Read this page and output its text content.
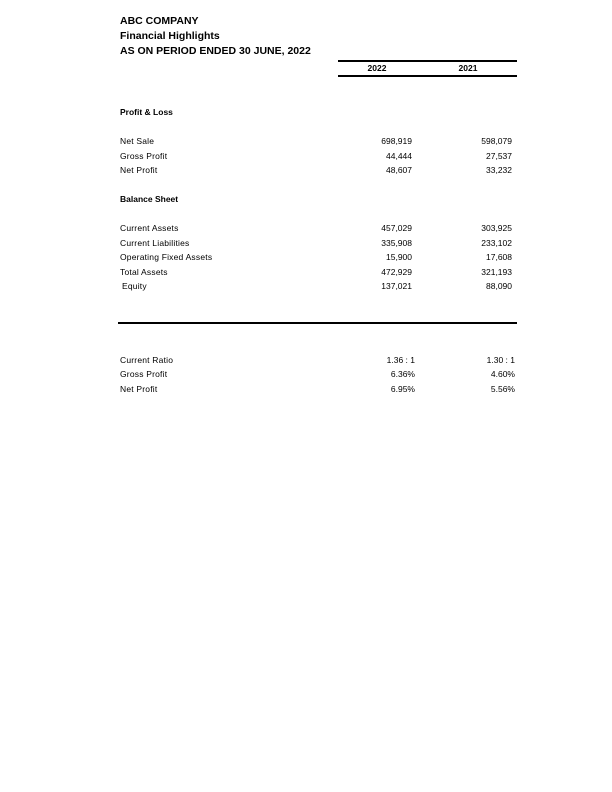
ABC COMPANY
Financial Highlights
AS ON PERIOD ENDED 30 JUNE, 2022
2022	2021
Profit & Loss
Net Sale	698,919	598,079
Gross Profit	44,444	27,537
Net Profit	48,607	33,232
Balance Sheet
Current Assets	457,029	303,925
Current Liabilities	335,908	233,102
Operating Fixed Assets	15,900	17,608
Total Assets	472,929	321,193
Equity	137,021	88,090
Current Ratio	1.36 : 1	1.30 : 1
Gross Profit	6.36%	4.60%
Net Profit	6.95%	5.56%
